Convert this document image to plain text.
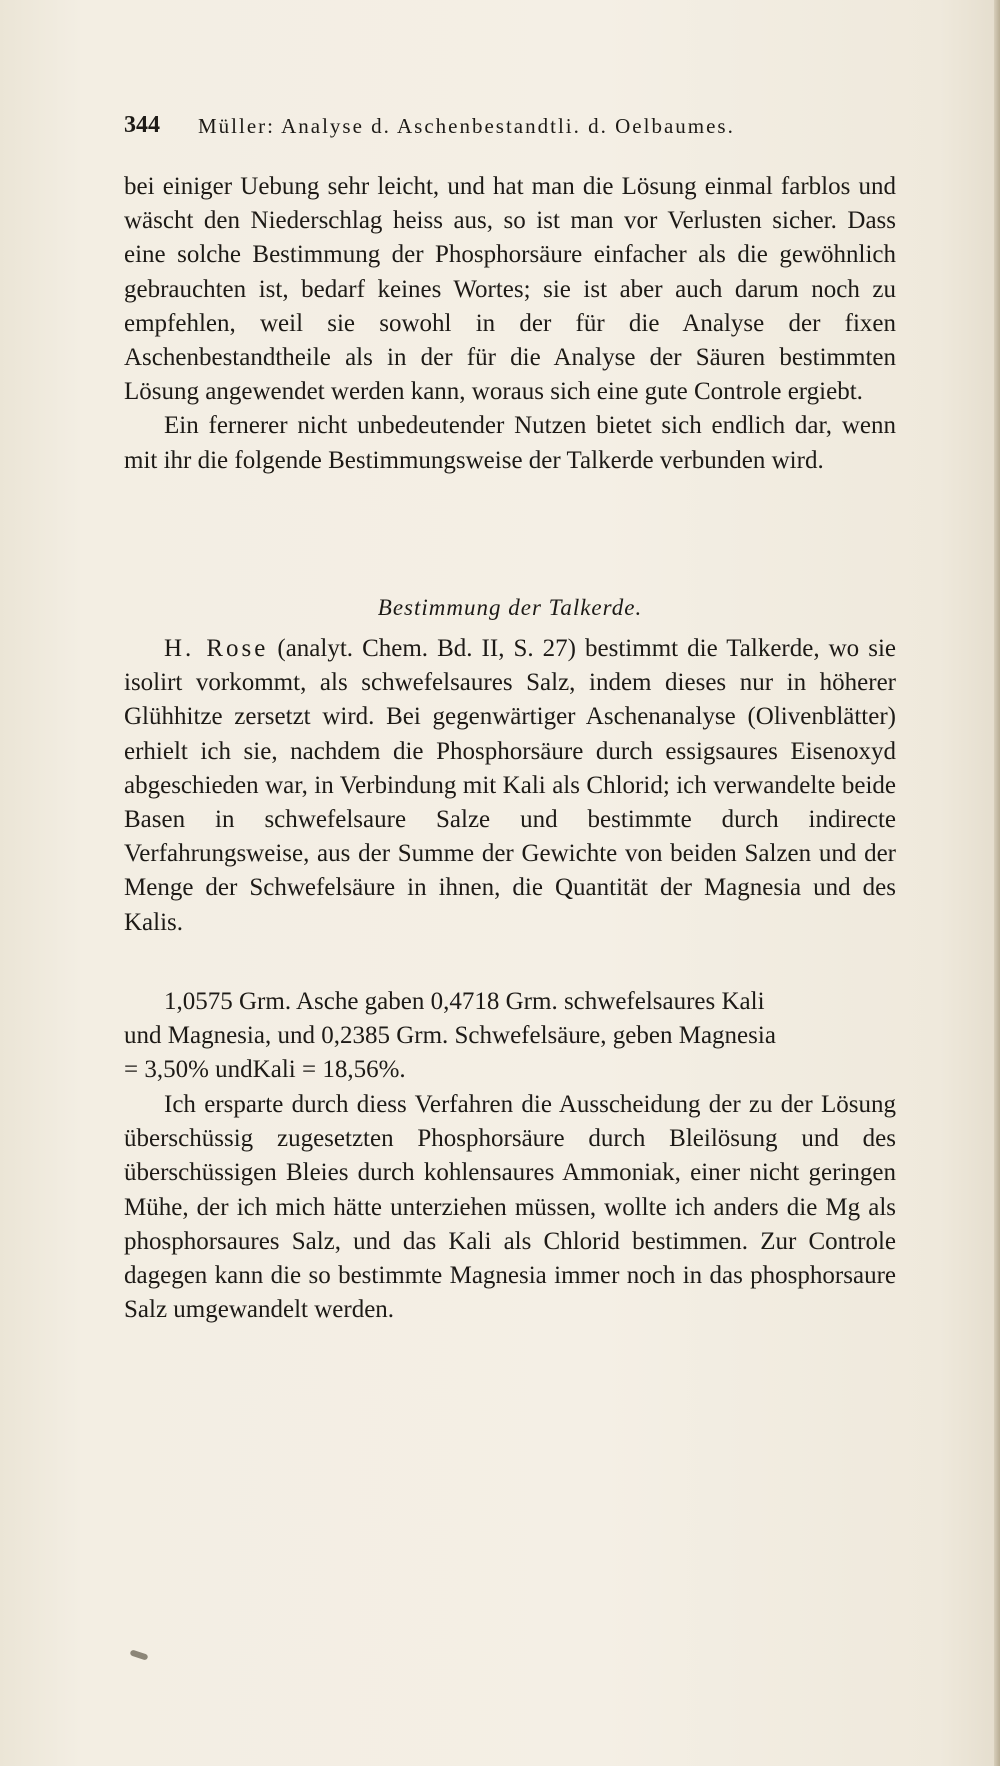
344 Müller: Analyse d. Aschenbestandtli. d. Oelbaumes.

bei einiger Uebung sehr leicht, und hat man die Lösung einmal farblos und wäscht den Niederschlag heiss aus, so ist man vor Verlusten sicher. Dass eine solche Bestimmung der Phosphorsäure einfacher als die gewöhnlich gebrauchten ist, bedarf keines Wortes; sie ist aber auch darum noch zu empfehlen, weil sie sowohl in der für die Analyse der fixen Aschenbestandtheile als in der für die Analyse der Säuren bestimmten Lösung angewendet werden kann, woraus sich eine gute Controle ergiebt.

Ein fernerer nicht unbedeutender Nutzen bietet sich endlich dar, wenn mit ihr die folgende Bestimmungsweise der Talkerde verbunden wird.

Bestimmung der Talkerde.

H. Rose (analyt. Chem. Bd. II, S. 27) bestimmt die Talkerde, wo sie isolirt vorkommt, als schwefelsaures Salz, indem dieses nur in höherer Glühhitze zersetzt wird. Bei gegenwärtiger Aschenanalyse (Olivenblätter) erhielt ich sie, nachdem die Phosphorsäure durch essigsaures Eisenoxyd abgeschieden war, in Verbindung mit Kali als Chlorid; ich verwandelte beide Basen in schwefelsaure Salze und bestimmte durch indirecte Verfahrungsweise, aus der Summe der Gewichte von beiden Salzen und der Menge der Schwefelsäure in ihnen, die Quantität der Magnesia und des Kalis.

1,0575 Grm. Asche gaben 0,4718 Grm. schwefelsaures Kali

und Magnesia, und 0,2385 Grm. Schwefelsäure, geben Magnesia

= 3,50% undKali = 18,56%.

Ich ersparte durch diess Verfahren die Ausscheidung der zu der Lösung überschüssig zugesetzten Phosphorsäure durch Bleilösung und des überschüssigen Bleies durch kohlensaures Ammoniak, einer nicht geringen Mühe, der ich mich hätte unterziehen müssen, wollte ich anders die Mg als phosphorsaures Salz, und das Kali als Chlorid bestimmen. Zur Controle dagegen kann die so bestimmte Magnesia immer noch in das phosphorsaure Salz umgewandelt werden.
